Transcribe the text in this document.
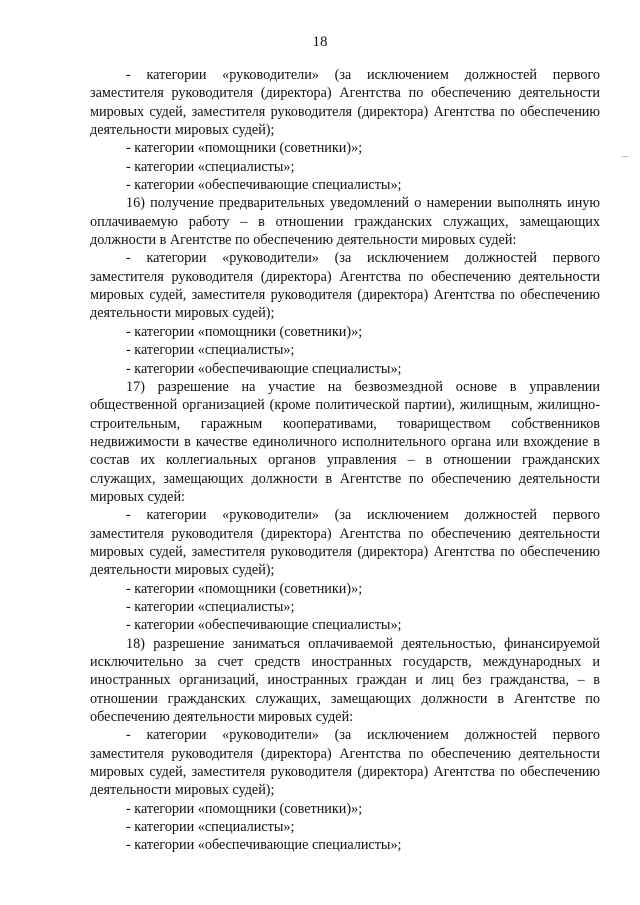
18

- категории «руководители» (за исключением должностей первого заместителя руководителя (директора) Агентства по обеспечению деятельности мировых судей, заместителя руководителя (директора) Агентства по обеспечению деятельности мировых судей);

- категории «помощники (советники)»;

- категории «специалисты»;

- категории «обеспечивающие специалисты»;

16) получение предварительных уведомлений о намерении выполнять иную оплачиваемую работу – в отношении гражданских служащих, замещающих должности в Агентстве по обеспечению деятельности мировых судей:

- категории «руководители» (за исключением должностей первого заместителя руководителя (директора) Агентства по обеспечению деятельности мировых судей, заместителя руководителя (директора) Агентства по обеспечению деятельности мировых судей);

- категории «помощники (советники)»;

- категории «специалисты»;

- категории «обеспечивающие специалисты»;

17) разрешение на участие на безвозмездной основе в управлении общественной организацией (кроме политической партии), жилищным, жилищно-строительным, гаражным кооперативами, товариществом собственников недвижимости в качестве единоличного исполнительного органа или вхождение в состав их коллегиальных органов управления – в отношении гражданских служащих, замещающих должности в Агентстве по обеспечению деятельности мировых судей:

- категории «руководители» (за исключением должностей первого заместителя руководителя (директора) Агентства по обеспечению деятельности мировых судей, заместителя руководителя (директора) Агентства по обеспечению деятельности мировых судей);

- категории «помощники (советники)»;

- категории «специалисты»;

- категории «обеспечивающие специалисты»;

18) разрешение заниматься оплачиваемой деятельностью, финансируемой исключительно за счет средств иностранных государств, международных и иностранных организаций, иностранных граждан и лиц без гражданства, – в отношении гражданских служащих, замещающих должности в Агентстве по обеспечению деятельности мировых судей:

- категории «руководители» (за исключением должностей первого заместителя руководителя (директора) Агентства по обеспечению деятельности мировых судей, заместителя руководителя (директора) Агентства по обеспечению деятельности мировых судей);

- категории «помощники (советники)»;

- категории «специалисты»;

- категории «обеспечивающие специалисты»;
